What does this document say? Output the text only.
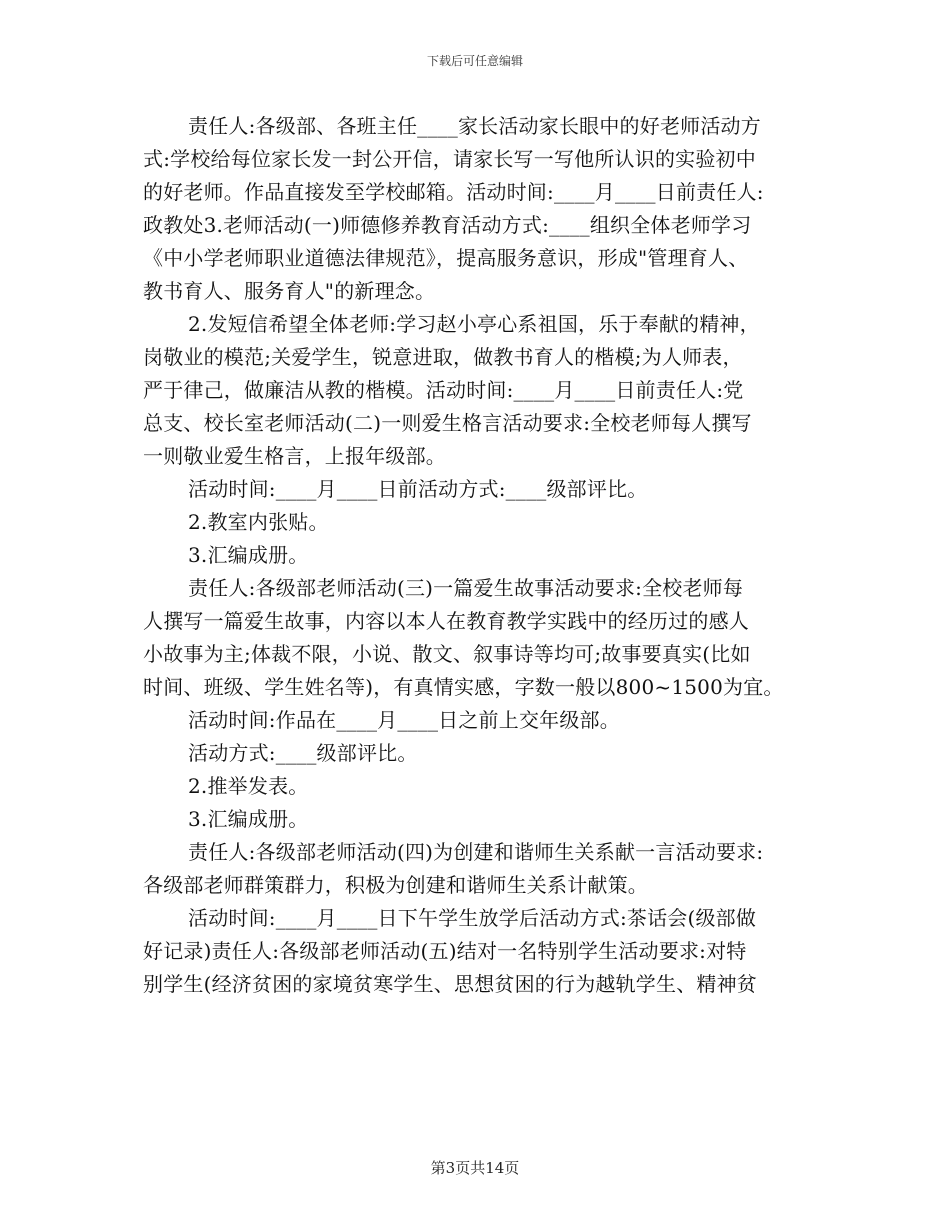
下载后可任意编辑
责任人:各级部、各班主任____家长活动家长眼中的好老师活动方
式:学校给每位家长发一封公开信，请家长写一写他所认识的实验初中
的好老师。作品直接发至学校邮箱。活动时间:____月____日前责任人:
政教处3.老师活动(一)师德修养教育活动方式:____组织全体老师学习
《中小学老师职业道德法律规范》，提高服务意识，形成"管理育人、
教书育人、服务育人"的新理念。
2.发短信希望全体老师:学习赵小亭心系祖国，乐于奉献的精神，
岗敬业的模范;关爱学生，锐意进取，做教书育人的楷模;为人师表，
严于律己，做廉洁从教的楷模。活动时间:____月____日前责任人:党
总支、校长室老师活动(二)一则爱生格言活动要求:全校老师每人撰写
一则敬业爱生格言，上报年级部。
活动时间:____月____日前活动方式:____级部评比。
2.教室内张贴。
3.汇编成册。
责任人:各级部老师活动(三)一篇爱生故事活动要求:全校老师每
人撰写一篇爱生故事，内容以本人在教育教学实践中的经历过的感人
小故事为主;体裁不限，小说、散文、叙事诗等均可;故事要真实(比如
时间、班级、学生姓名等)，有真情实感，字数一般以800~1500为宜。
活动时间:作品在____月____日之前上交年级部。
活动方式:____级部评比。
2.推举发表。
3.汇编成册。
责任人:各级部老师活动(四)为创建和谐师生关系献一言活动要求:
各级部老师群策群力，积极为创建和谐师生关系计献策。
活动时间:____月____日下午学生放学后活动方式:茶话会(级部做
好记录)责任人:各级部老师活动(五)结对一名特别学生活动要求:对特
别学生(经济贫困的家境贫寒学生、思想贫困的行为越轨学生、精神贫
第3页共14页
